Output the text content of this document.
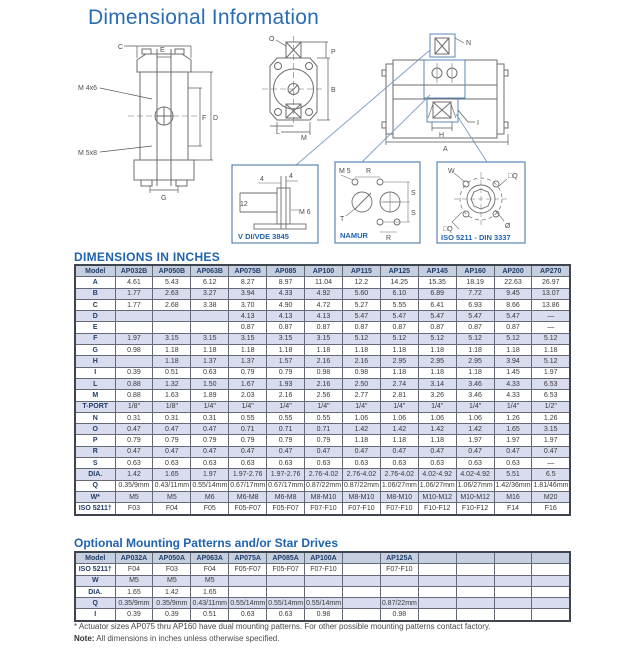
Dimensional Information
C	E
M 4x6
F D
M 5x8
G
O
P
B
L
M
N
H
I
A
4	4
12
M 6
V DI/VDE 3845
M 5 R
S
S
T
R
NAMUR
W
□Q
Ø
□Q
ISO 5211 - DIN 3337
DIMENSIONS IN INCHES
Model	AP032B	AP050B	AP063B	AP075B	AP085	AP100	AP115	AP125	AP145	AP160	AP200	AP270
A	4.61	5.43	6.12	8.27	8.97	11.04	12.2	14.25	15.35	18.19	22.63	26.97
B	1.77	2.63	3.27	3.94	4.33	4.92	5.60	6.10	6.89	7.72	9.45	13.07
C	1.77	2.68	3.38	3.70	4.90	4.72	5.27	5.55	6.41	6.93	8.66	13.86
D				4.13	4.13	4.13	5.47	5.47	5.47	5.47	5.47	—
E				0.87	0.87	0.87	0.87	0.87	0.87	0.87	0.87	—
F	1.97	3.15	3.15	3.15	3.15	3.15	5.12	5.12	5.12	5.12	5.12	5.12
G	0.98	1.18	1.18	1.18	1.18	1.18	1.18	1.18	1.18	1.18	1.18	1.18
H		1.18	1.37	1.37	1.57	2.16	2.16	2.95	2.95	2.95	3.94	5.12
I	0.39	0.51	0.63	0.79	0.79	0.98	0.98	1.18	1.18	1.18	1.45	1.97
L	0.88	1.32	1.50	1.67	1.93	2.16	2.50	2.74	3.14	3.46	4.33	6.53
M	0.88	1.63	1.89	2.03	2.16	2.56	2.77	2.81	3.26	3.46	4.33	6.53
T-PORT	1/8"	1/8"	1/4"	1/4"	1/4"	1/4"	1/4"	1/4"	1/4"	1/4"	1/4"	1/2"
N	0.31	0.31	0.31	0.55	0.55	0.55	1.06	1.06	1.06	1.06	1.26	1.26
O	0.47	0.47	0.47	0.71	0.71	0.71	1.42	1.42	1.42	1.42	1.65	3.15
P	0.79	0.79	0.79	0.79	0.79	0.79	1.18	1.18	1.18	1.97	1.97	1.97
R	0.47	0.47	0.47	0.47	0.47	0.47	0.47	0.47	0.47	0.47	0.47	0.47
S	0.63	0.63	0.63	0.63	0.63	0.63	0.63	0.63	0.63	0.63	0.63	—
DIA.	1.42	1.65	1.97	1.97-2.76	1.97-2.76	2.76-4.02	2.76-4.02	2.76-4.02	4.02-4.92	4.02-4.92	5.51	6.5
Q	0.35/9mm	0.43/11mm	0.55/14mm	0.67/17mm	0.67/17mm	0.87/22mm	0.87/22mm	1.06/27mm	1.06/27mm	1.06/27mm	1.42/36mm	1.81/46mm
W*	M5	M5	M6	M6-M8	M6-M8	M8-M10	M8-M10	M8-M10	M10-M12	M10-M12	M16	M20
ISO 5211†	F03	F04	F05	F05-F07	F05-F07	F07-F10	F07-F10	F07-F10	F10-F12	F10-F12	F14	F16
Optional Mounting Patterns and/or Star Drives
Model	AP032A	AP050A	AP063A	AP075A	AP085A	AP100A		AP125A				
ISO 5211†	F04	F03	F04	F05-F07	F05-F07	F07-F10		F07-F10				
W	M5	M5	M5									
DIA.	1.65	1.42	1.65									
Q	0.35/9mm	0.35/9mm	0.43/11mm	0.55/14mm	0.55/14mm	0.55/14mm		0.87/22mm				
I	0.39	0.39	0.51	0.63	0.63	0.98		0.98				
* Actuator sizes AP075 thru AP160 have dual mounting patterns. For other possible mounting patterns contact factory.
Note: All dimensions in inches unless otherwise specified.
